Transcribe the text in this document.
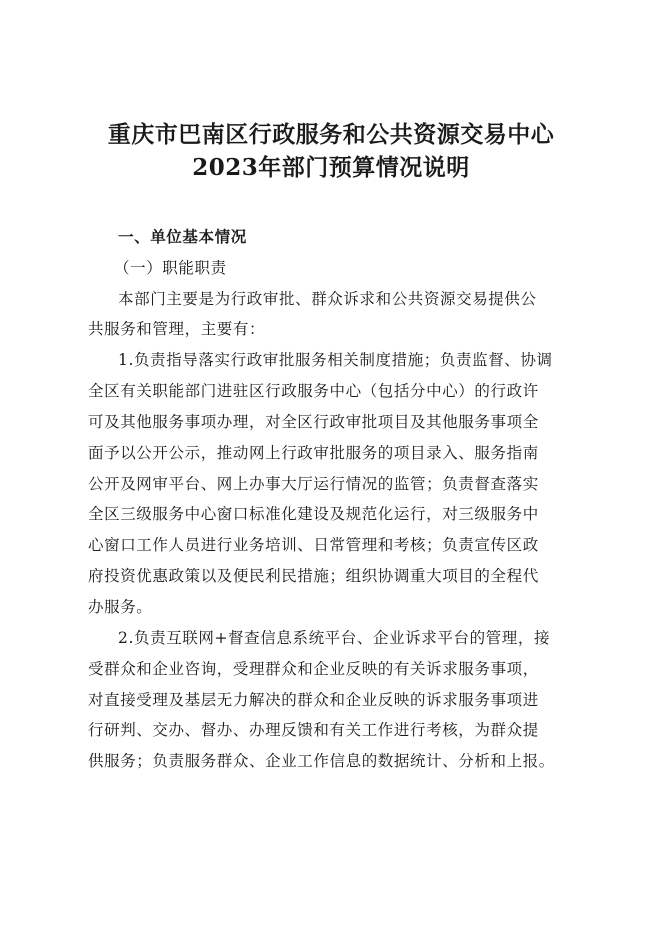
重庆市巴南区行政服务和公共资源交易中心
2023年部门预算情况说明

一、单位基本情况

（一）职能职责

本部门主要是为行政审批、群众诉求和公共资源交易提供公

共服务和管理，主要有：

1.负责指导落实行政审批服务相关制度措施；负责监督、协调

全区有关职能部门进驻区行政服务中心（包括分中心）的行政许

可及其他服务事项办理，对全区行政审批项目及其他服务事项全

面予以公开公示，推动网上行政审批服务的项目录入、服务指南

公开及网审平台、网上办事大厅运行情况的监管；负责督查落实

全区三级服务中心窗口标准化建设及规范化运行，对三级服务中

心窗口工作人员进行业务培训、日常管理和考核；负责宣传区政

府投资优惠政策以及便民利民措施；组织协调重大项目的全程代

办服务。

2.负责互联网+督查信息系统平台、企业诉求平台的管理，接

受群众和企业咨询，受理群众和企业反映的有关诉求服务事项，

对直接受理及基层无力解决的群众和企业反映的诉求服务事项进

行研判、交办、督办、办理反馈和有关工作进行考核，为群众提

供服务；负责服务群众、企业工作信息的数据统计、分析和上报。
